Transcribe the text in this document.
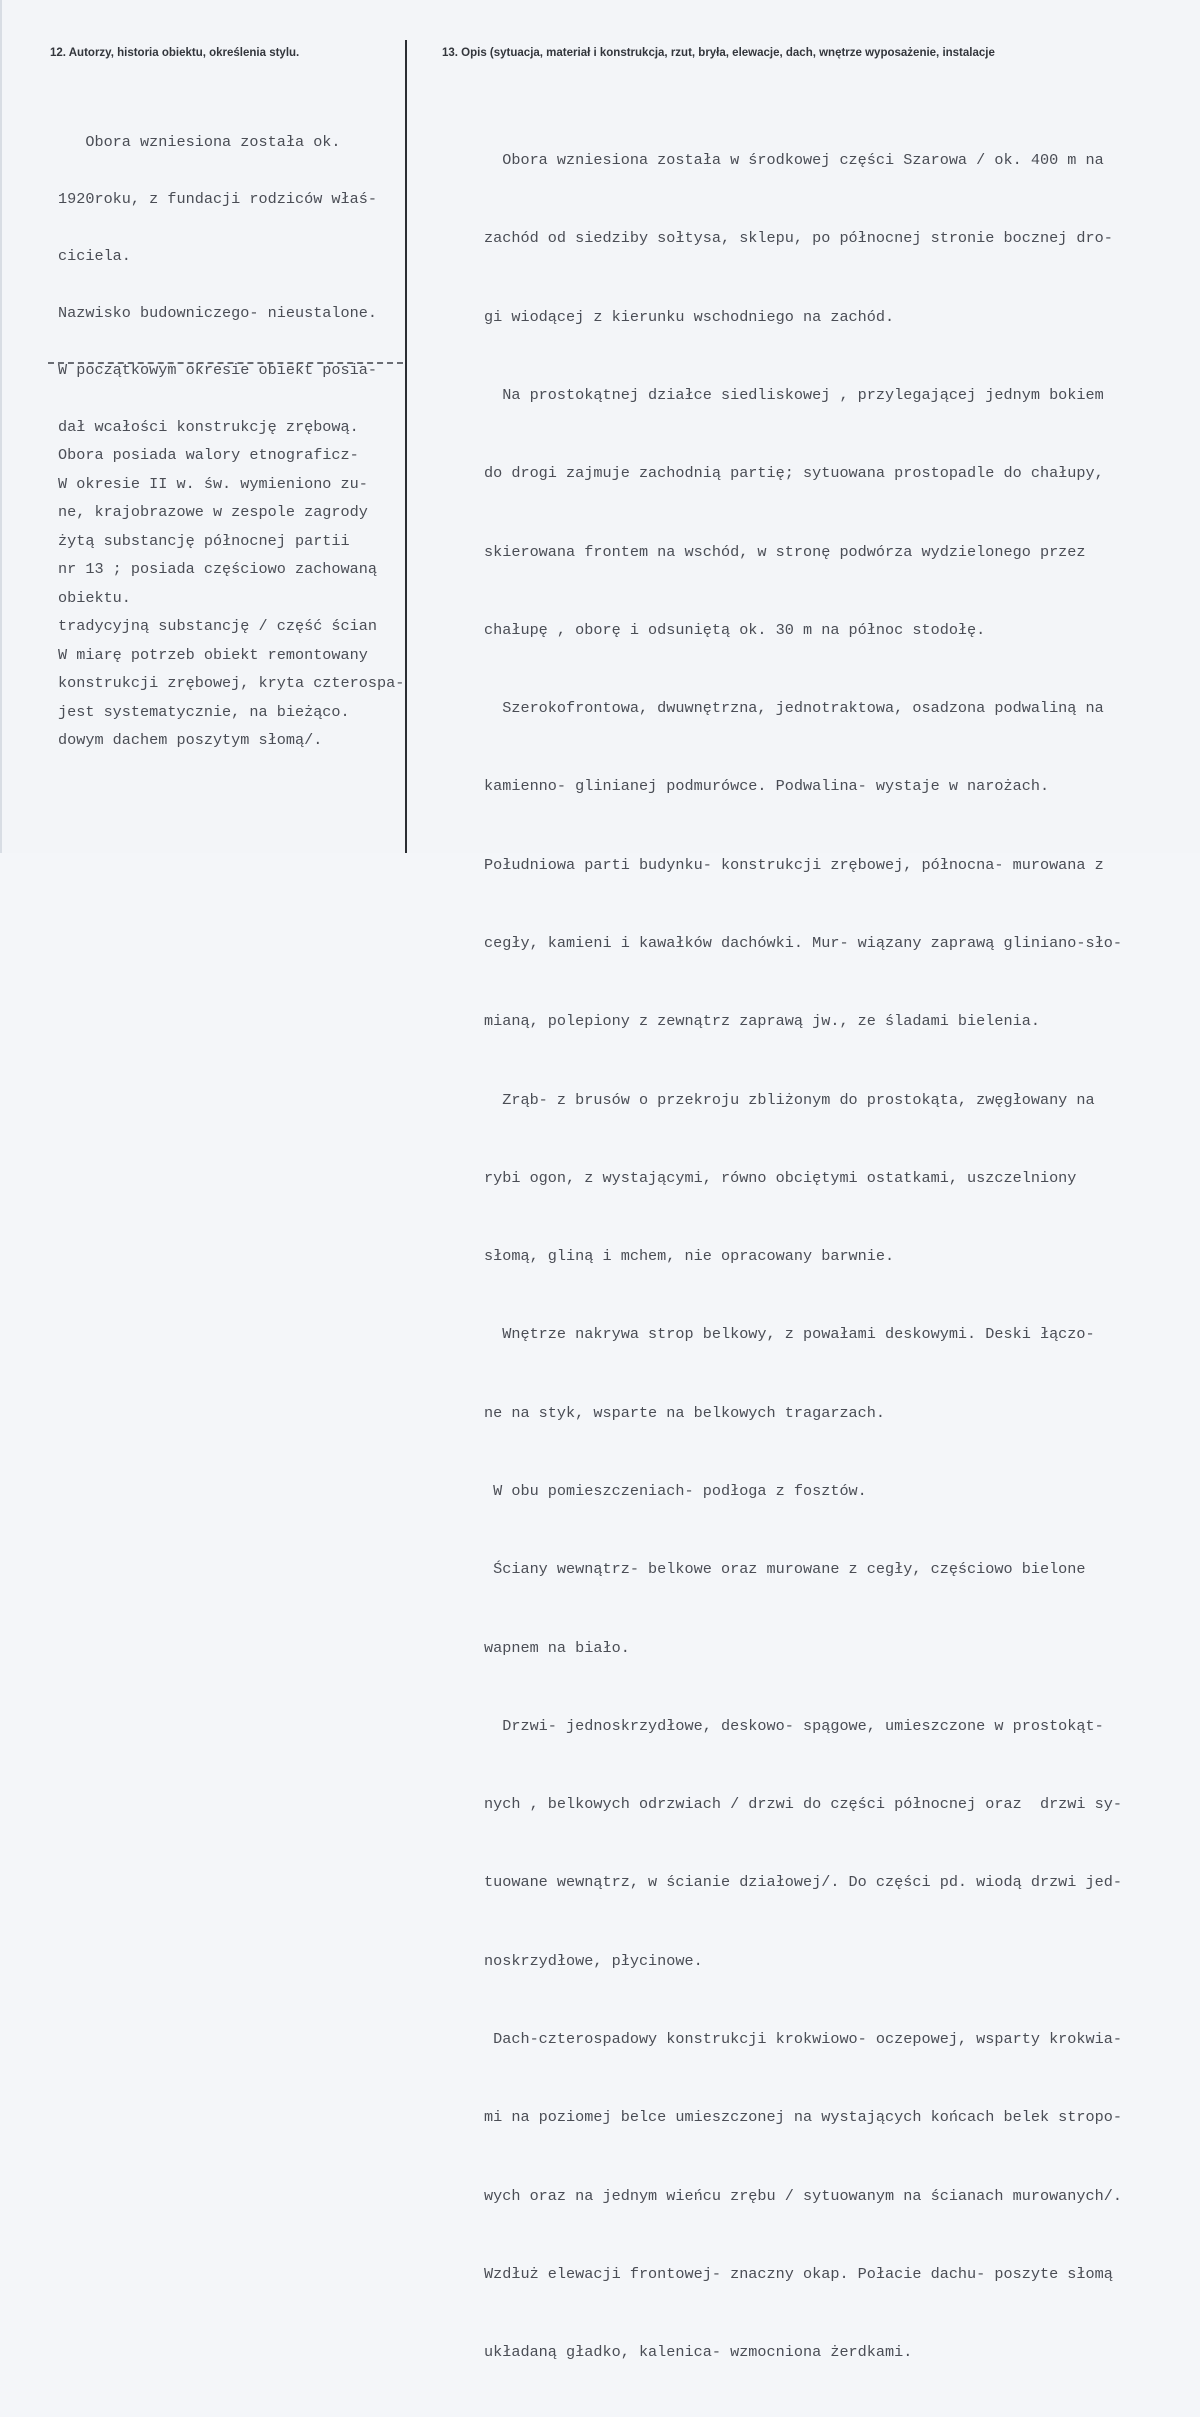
12. Autorzy, historia obiektu, określenia stylu.	13. Opis (sytuacja, materiał i konstrukcja, rzut, bryła, elewacje, dach, wnętrze wyposażenie, instalacje

Obora wzniesiona została ok.

1920roku, z fundacji rodziców właś-

ciciela.

Nazwisko budowniczego- nieustalone.

W początkowym okresie obiekt posia-

dał wcałości konstrukcję zrębową.

W okresie II w. św. wymieniono zu-

żytą substancję północnej partii

obiektu.

W miarę potrzeb obiekt remontowany

jest systematycznie, na bieżąco.

Obora posiada walory etnograficz-

ne, krajobrazowe w zespole zagrody

nr 13 ; posiada częściowo zachowaną

tradycyjną substancję / część ścian

konstrukcji zrębowej, kryta czterospa-

dowym dachem poszytym słomą/.

Obora wzniesiona została w środkowej części Szarowa / ok. 400 m na

zachód od siedziby sołtysa, sklepu, po północnej stronie bocznej dro-

gi wiodącej z kierunku wschodniego na zachód.

Na prostokątnej działce siedliskowej , przylegającej jednym bokiem

do drogi zajmuje zachodnią partię; sytuowana prostopadle do chałupy,

skierowana frontem na wschód, w stronę podwórza wydzielonego przez

chałupę , oborę i odsuniętą ok. 30 m na północ stodołę.

Szerokofrontowa, dwuwnętrzna, jednotraktowa, osadzona podwaliną na

kamienno- glinianej podmurówce. Podwalina- wystaje w narożach.

Południowa parti budynku- konstrukcji zrębowej, północna- murowana z

cegły, kamieni i kawałków dachówki. Mur- wiązany zaprawą gliniano-sło-

mianą, polepiony z zewnątrz zaprawą jw., ze śladami bielenia.

Zrąb- z brusów o przekroju zbliżonym do prostokąta, zwęgłowany na

rybi ogon, z wystającymi, równo obciętymi ostatkami, uszczelniony

słomą, gliną i mchem, nie opracowany barwnie.

Wnętrze nakrywa strop belkowy, z powałami deskowymi. Deski łączo-

ne na styk, wsparte na belkowych tragarzach.

W obu pomieszczeniach- podłoga z fosztów.

Ściany wewnątrz- belkowe oraz murowane z cegły, częściowo bielone

wapnem na biało.

Drzwi- jednoskrzydłowe, deskowo- spągowe, umieszczone w prostokąt-

nych , belkowych odrzwiach / drzwi do części północnej oraz  drzwi sy-

tuowane wewnątrz, w ścianie działowej/. Do części pd. wiodą drzwi jed-

noskrzydłowe, płycinowe.

Dach-czterospadowy konstrukcji krokwiowo- oczepowej, wsparty krokwia-

mi na poziomej belce umieszczonej na wystających końcach belek stropo-

wych oraz na jednym wieńcu zrębu / sytuowanym na ścianach murowanych/.

Wzdłuż elewacji frontowej- znaczny okap. Połacie dachu- poszyte słomą

układaną gładko, kalenica- wzmocniona żerdkami.
